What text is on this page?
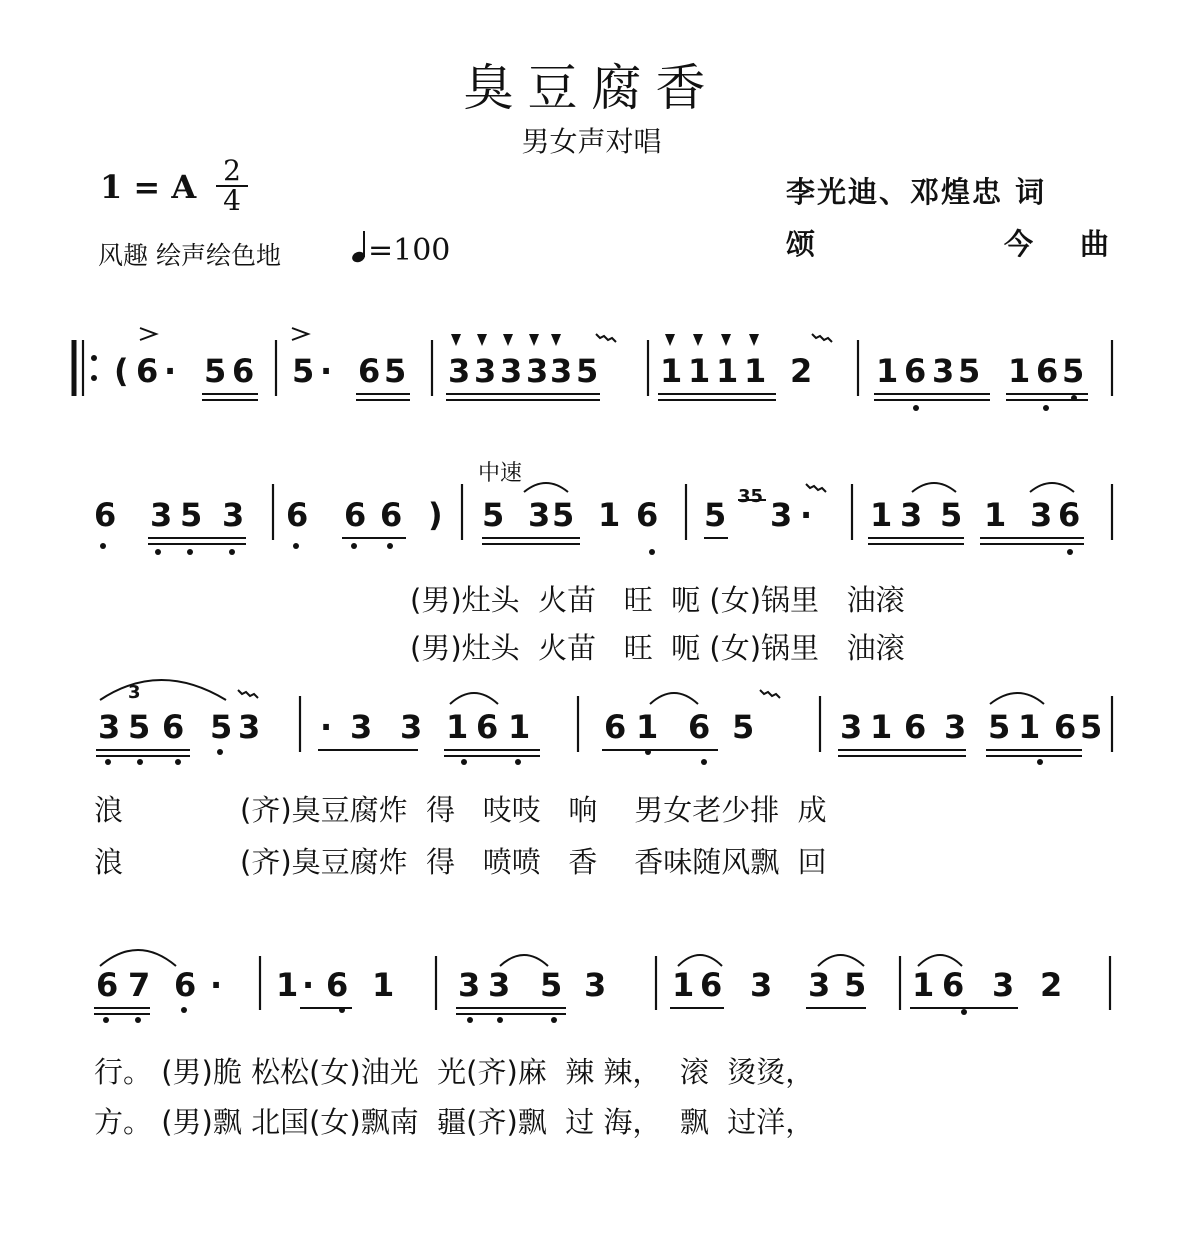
臭豆腐香
男女声对唱
1 = A 2
4
风趣 绘声绘色地	=100
李光迪、邓煌忠 词
颂	今 曲
中速
(男)灶头  火苗   旺  呃 (女)锅里   油滚
(男)灶头  火苗   旺  呃 (女)锅里   油滚
浪	(齐)臭豆腐炸  得   吱吱   响    男女老少排  成
浪	(齐)臭豆腐炸  得   喷喷   香    香味随风飘  回
行。 (男)脆 松松(女)油光  光(齐)麻  辣 辣，  滚  烫烫，
方。 (男)飘 北国(女)飘南  疆(齐)飘  过 海，  飘  过洋，
( 6 · 5 6 5 · 6 5 3 3 3 3 3 5 1 1 1 1 2 1 6 3 5 1 6 5
6 3 5 3 6 6 6 ) 5 3 5 1 6 5 35 3 · 1 3 5 1 3 6
3 5 6 5 3 · 3 3 1 6 1 6 1 6 5	3 1 6 3 5 1 6 5
6 7 6 · 1 · 6 1 3 3 5 3 1 6 3 3 5 1 6 3 2
3
